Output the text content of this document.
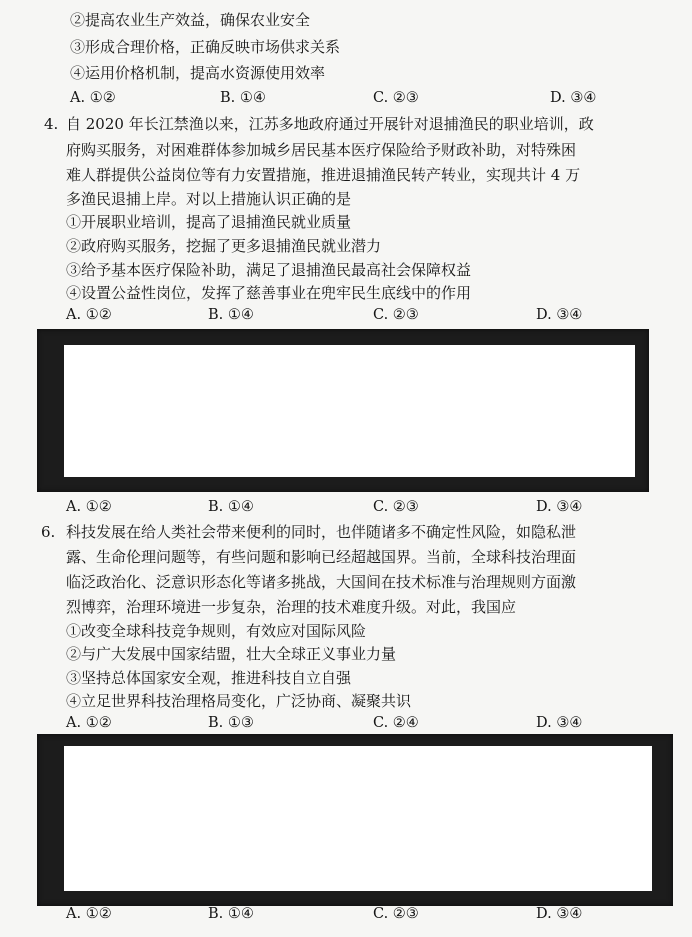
②提高农业生产效益，确保农业安全
③形成合理价格，正确反映市场供求关系
④运用价格机制，提高水资源使用效率
A. ①②	B. ①④	C. ②③	D. ③④
4. 自 2020 年长江禁渔以来，江苏多地政府通过开展针对退捕渔民的职业培训，政
府购买服务，对困难群体参加城乡居民基本医疗保险给予财政补助，对特殊困
难人群提供公益岗位等有力安置措施，推进退捕渔民转产转业，实现共计 4 万
多渔民退捕上岸。对以上措施认识正确的是
①开展职业培训，提高了退捕渔民就业质量
②政府购买服务，挖掘了更多退捕渔民就业潜力
③给予基本医疗保险补助，满足了退捕渔民最高社会保障权益
④设置公益性岗位，发挥了慈善事业在兜牢民生底线中的作用
A. ①②	B. ①④	C. ②③	D. ③④
A. ①②	B. ①④	C. ②③	D. ③④
6. 科技发展在给人类社会带来便利的同时，也伴随诸多不确定性风险，如隐私泄
露、生命伦理问题等，有些问题和影响已经超越国界。当前，全球科技治理面
临泛政治化、泛意识形态化等诸多挑战，大国间在技术标准与治理规则方面激
烈博弈，治理环境进一步复杂，治理的技术难度升级。对此，我国应
①改变全球科技竞争规则，有效应对国际风险
②与广大发展中国家结盟，壮大全球正义事业力量
③坚持总体国家安全观，推进科技自立自强
④立足世界科技治理格局变化，广泛协商、凝聚共识
A. ①②	B. ①③	C. ②④	D. ③④
A. ①②	B. ①④	C. ②③	D. ③④
